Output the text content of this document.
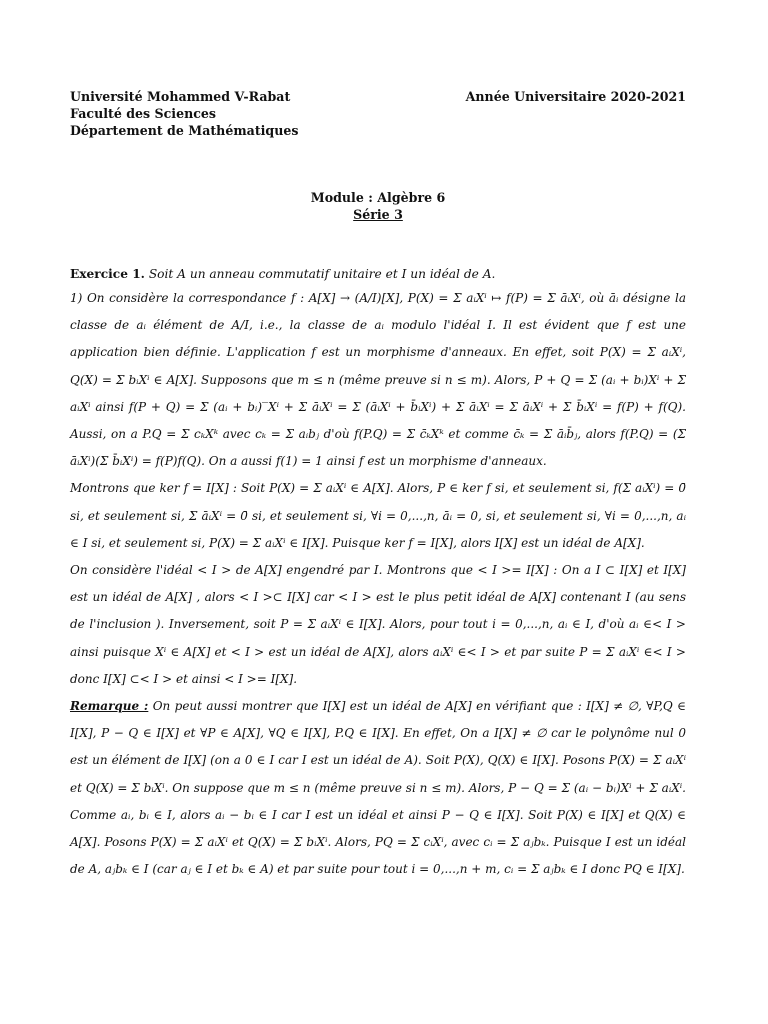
Université Mohammed V-Rabat
Faculté des Sciences
Département de Mathématiques
Année Universitaire 2020-2021
Module : Algèbre 6
Série 3
Exercice 1. Soit A un anneau commutatif unitaire et I un idéal de A.

1) On considère la correspondance f : A[X] → (A/I)[X], P(X) = Σ aᵢXⁱ ↦ f(P) = Σ āᵢXⁱ, où āᵢ désigne la classe de aᵢ élément de A/I, i.e., la classe de aᵢ modulo l'idéal I. Il est évident que f est une application bien définie. L'application f est un morphisme d'anneaux. En effet, soit P(X) = Σ aᵢXⁱ, Q(X) = Σ bᵢXⁱ ∈ A[X]. Supposons que m ≤ n (même preuve si n ≤ m). Alors, P + Q = Σ (aᵢ + bᵢ)Xⁱ + Σ aᵢXⁱ ainsi f(P + Q) = Σ (aᵢ + bᵢ)‾Xⁱ + Σ āᵢXⁱ = Σ (āᵢXⁱ + b̄ᵢXⁱ) + Σ āᵢXⁱ = Σ āᵢXⁱ + Σ b̄ᵢXⁱ = f(P) + f(Q). Aussi, on a P.Q = Σ cₖXᵏ avec cₖ = Σ aᵢbⱼ d'où f(P.Q) = Σ c̄ₖXᵏ et comme c̄ₖ = Σ āᵢb̄ⱼ, alors f(P.Q) = (Σ āᵢXⁱ)(Σ b̄ᵢXⁱ) = f(P)f(Q). On a aussi f(1) = 1 ainsi f est un morphisme d'anneaux.

Montrons que ker f = I[X] : Soit P(X) = Σ aᵢXⁱ ∈ A[X]. Alors, P ∈ ker f si, et seulement si, f(Σ aᵢXⁱ) = 0̄ si, et seulement si, Σ āᵢXⁱ = 0̄ si, et seulement si, ∀i = 0,...,n, āᵢ = 0, si, et seulement si, ∀i = 0,...,n, aᵢ ∈ I si, et seulement si, P(X) = Σ aᵢXⁱ ∈ I[X]. Puisque ker f = I[X], alors I[X] est un idéal de A[X].

On considère l'idéal < I > de A[X] engendré par I. Montrons que < I >= I[X] : On a I ⊂ I[X] et I[X] est un idéal de A[X] , alors < I >⊂ I[X] car < I > est le plus petit idéal de A[X] contenant I (au sens de l'inclusion ). Inversement, soit P = Σ aᵢXⁱ ∈ I[X]. Alors, pour tout i = 0,...,n, aᵢ ∈ I, d'où aᵢ ∈< I > ainsi puisque Xⁱ ∈ A[X] et < I > est un idéal de A[X], alors aᵢXⁱ ∈< I > et par suite P = Σ aᵢXⁱ ∈< I > donc I[X] ⊂< I > et ainsi < I >= I[X].

Remarque : On peut aussi montrer que I[X] est un idéal de A[X] en vérifiant que : I[X] ≠ ∅, ∀P,Q ∈ I[X], P − Q ∈ I[X] et ∀P ∈ A[X], ∀Q ∈ I[X], P.Q ∈ I[X]. En effet, On a I[X] ≠ ∅ car le polynôme nul 0 est un élément de I[X] (on a 0 ∈ I car I est un idéal de A). Soit P(X), Q(X) ∈ I[X]. Posons P(X) = Σ aᵢXⁱ et Q(X) = Σ bᵢXⁱ. On suppose que m ≤ n (même preuve si n ≤ m). Alors, P − Q = Σ (aᵢ − bᵢ)Xⁱ + Σ aᵢXⁱ. Comme aᵢ, bᵢ ∈ I, alors aᵢ − bᵢ ∈ I car I est un idéal et ainsi P − Q ∈ I[X]. Soit P(X) ∈ I[X] et Q(X) ∈ A[X]. Posons P(X) = Σ aᵢXⁱ et Q(X) = Σ bᵢXⁱ. Alors, PQ = Σ cᵢXⁱ, avec cᵢ = Σ aⱼbₖ. Puisque I est un idéal de A, aⱼbₖ ∈ I (car aⱼ ∈ I et bₖ ∈ A) et par suite pour tout i = 0,...,n + m, cᵢ = Σ aⱼbₖ ∈ I donc PQ ∈ I[X].
